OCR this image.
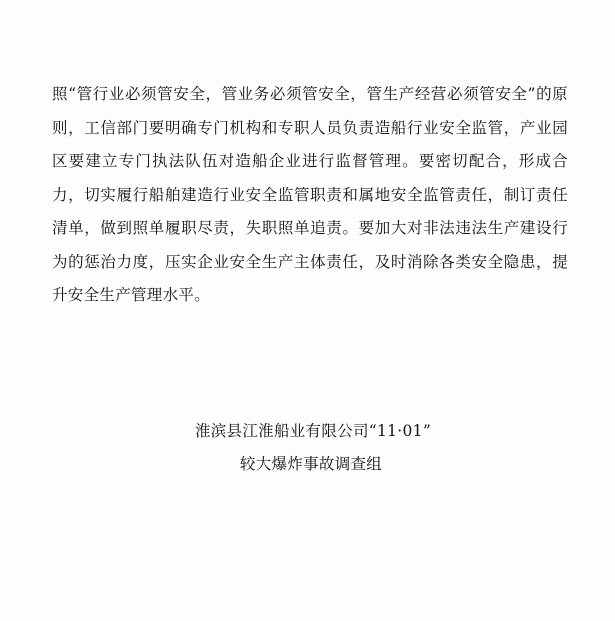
照“管行业必须管安全，管业务必须管安全，管生产经营必须管安全”的原则，工信部门要明确专门机构和专职人员负责造船行业安全监管，产业园区要建立专门执法队伍对造船企业进行监督管理。要密切配合，形成合力，切实履行船舶建造行业安全监管职责和属地安全监管责任，制订责任清单，做到照单履职尽责，失职照单追责。要加大对非法违法生产建设行为的惩治力度，压实企业安全生产主体责任，及时消除各类安全隐患，提升安全生产管理水平。

淮滨县江淮船业有限公司“11·01”
较大爆炸事故调查组
